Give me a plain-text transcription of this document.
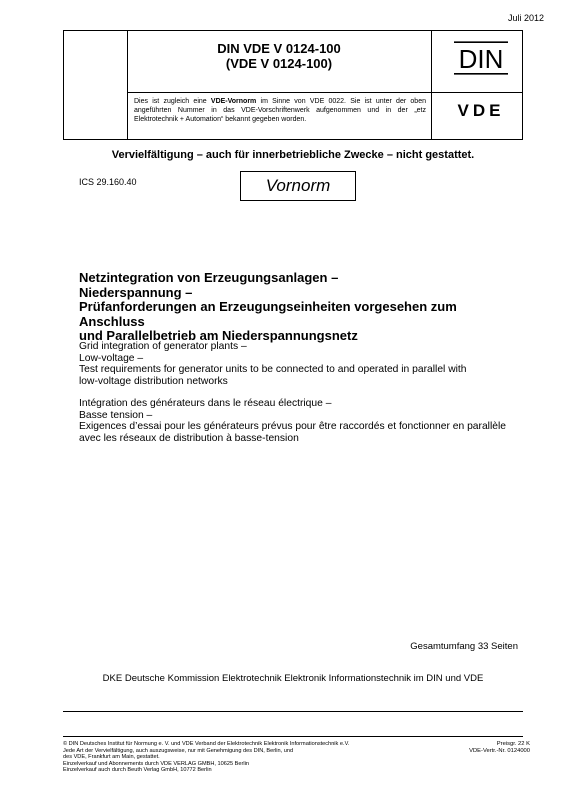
Juli 2012
DIN VDE V 0124-100
(VDE V 0124-100)
Dies ist zugleich eine VDE-Vornorm im Sinne von VDE 0022. Sie ist unter der oben angeführten Nummer in das VDE-Vorschriftenwerk aufgenommen und in der „etz Elektrotechnik + Automation“ bekannt gegeben worden.
DIN
VDE
Vervielfältigung – auch für innerbetriebliche Zwecke – nicht gestattet.
ICS 29.160.40	Vornorm
Netzintegration von Erzeugungsanlagen –
Niederspannung –
Prüfanforderungen an Erzeugungseinheiten vorgesehen zum Anschluss
und Parallelbetrieb am Niederspannungsnetz
Grid integration of generator plants –
Low-voltage –
Test requirements for generator units to be connected to and operated in parallel with
low-voltage distribution networks
Intégration des générateurs dans le réseau électrique –
Basse tension –
Exigences d’essai pour les générateurs prévus pour être raccordés et fonctionner en parallèle
avec les réseaux de distribution à basse-tension
Gesamtumfang 33 Seiten
DKE Deutsche Kommission Elektrotechnik Elektronik Informationstechnik im DIN und VDE
© DIN Deutsches Institut für Normung e. V. und VDE Verband der Elektrotechnik Elektronik Informationstechnik e.V.
Jede Art der Vervielfältigung, auch auszugsweise, nur mit Genehmigung des DIN, Berlin, und
des VDE, Frankfurt am Main, gestattet.
Einzelverkauf und Abonnements durch VDE VERLAG GMBH, 10625 Berlin
Einzelverkauf auch durch Beuth Verlag GmbH, 10772 Berlin
Preisgr. 22 K
VDE-Vertr.-Nr. 0124000
